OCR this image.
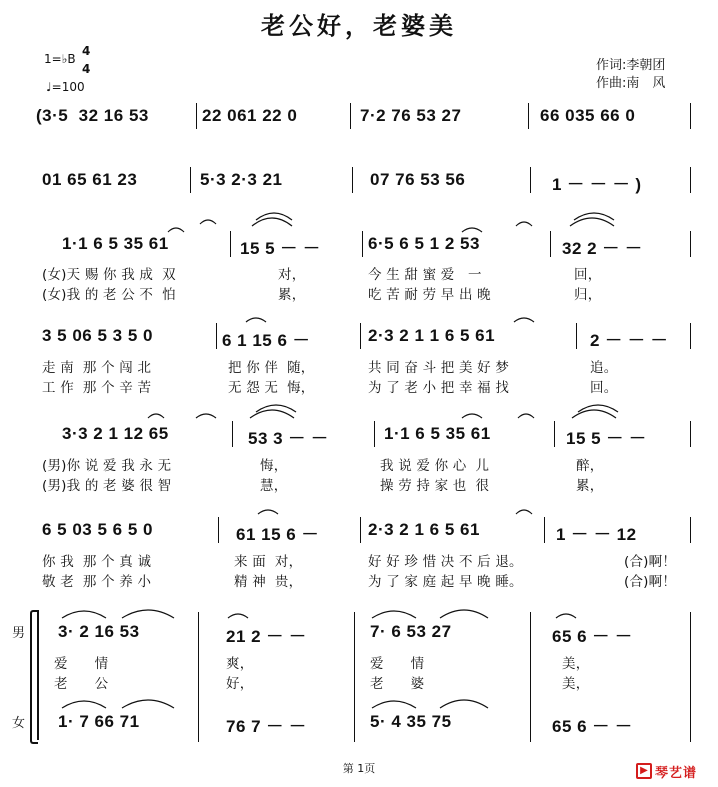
老公好，老婆美
1=♭B
4
4
♩=100
作词:李朝团
作曲:南　风
(3·5  32 16 53	22 061 22 0	7·2 76 53 27	66 035 66 0
01 65 61 23	5·3 2·3 21	07 76 53 56	1 － － － )
1·1 6 5 35 61	15 5 － －	6·5 6 5 1 2 53	32 2 － －
(女)天 赐 你 我 成  双	对，	今 生 甜 蜜 爱   一	回，
(女)我 的 老 公 不  怕	累，	吃 苦 耐 劳 早 出 晚	归，
3 5 06 5 3 5 0	6 1 15 6 －	2·3 2 1 1 6 5 61	2 － － －
走 南  那 个 闯 北	把 你 伴  随，	共 同 奋 斗 把 美 好 梦	追。
工 作  那 个 辛 苦	无 怨 无  悔，	为 了 老 小 把 幸 福 找	回。
3·3 2 1 12 65	53 3 － －	1·1 6 5 35 61	15 5 － －
(男)你 说 爱 我 永 无	悔，	我 说 爱 你 心  儿	醉，
(男)我 的 老 婆 很 智	慧，	操 劳 持 家 也  很	累，
6 5 03 5 6 5 0	61 15 6 －	2·3 2 1 6 5 61	1 － － 12
你 我  那 个 真 诚	来 面  对，	好 好 珍 惜 决 不 后 退。	(合)啊！
敬 老  那 个 养 小	精 神  贵，	为 了 家 庭 起 早 晚 睡。	(合)啊！
男
女
3· 2 16 53	21 2 － －	7· 6 53 27	65 6 － －
爱      情	爽，	爱      情	美，
老      公	好，	老      婆	美，
1· 7 66 71	76 7 － －	5· 4 35 75	65 6 － －
第 1页	▶ 琴艺谱
